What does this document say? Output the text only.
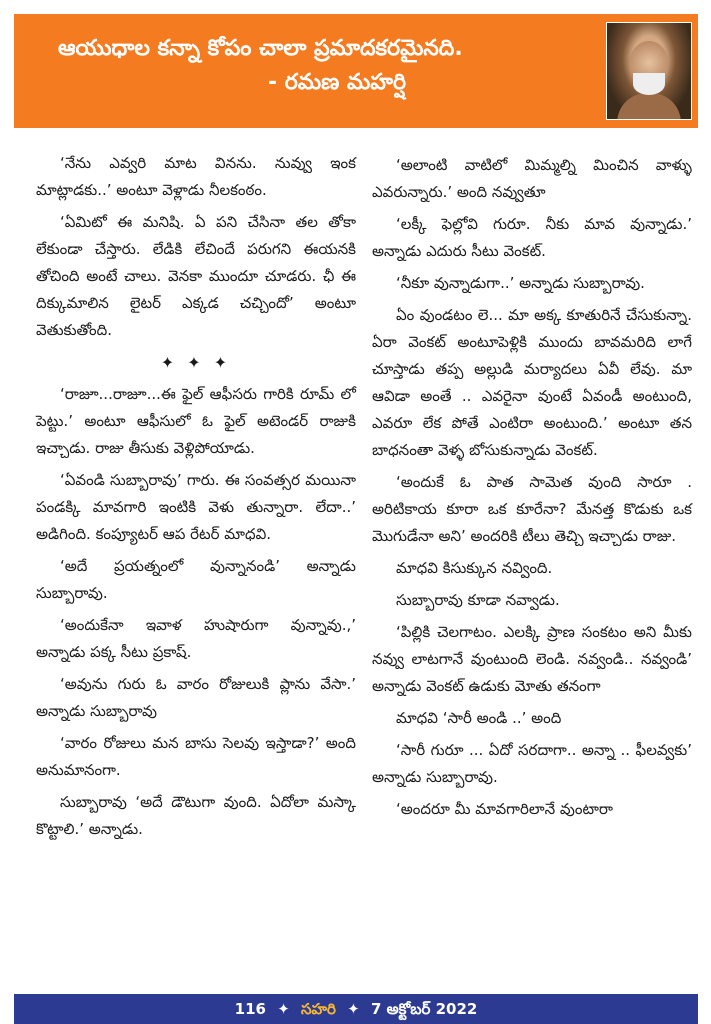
ఆయుధాల కన్నా కోపం చాలా ప్రమాదకరమైనది.
- రమణ మహర్షి

‘నేను ఎవ్వరి మాట వినను. నువ్వు ఇంక మాట్లాడకు..’ అంటూ వెళ్లాడు నీలకంఠం.

‘ఏమిటో ఈ మనిషి. ఏ పని చేసినా తల తోకా లేకుండా చేస్తారు. లేడికి లేచిందే పరుగని ఈయనకి తోచింది అంటే చాలు. వెనకా ముందూ చూడరు. ఛీ ఈ దిక్కుమాలిన లైటర్ ఎక్కడ చచ్చిందో’ అంటూ వెతుకుతోంది.

✦ ✦ ✦

‘రాజూ...రాజూ...ఈ ఫైల్ ఆఫీసరు గారికి రూమ్ లో పెట్టు.’ అంటూ ఆఫీసులో ఓ ఫైల్ అటెండర్ రాజుకి ఇచ్చాడు. రాజు తీసుకు వెళ్లిపోయాడు.

‘ఏవండి సుబ్బారావు’ గారు. ఈ సంవత్సర మయినా పండక్కి మావగారి ఇంటికి వెళు తున్నారా. లేదా..’ అడిగింది. కంప్యూటర్ ఆప రేటర్ మాధవి.

‘అదే ప్రయత్నంలో వున్నానండి’ అన్నాడు సుబ్బారావు.

‘అందుకేనా ఇవాళ హుషారుగా వున్నావు.,’ అన్నాడు పక్క సీటు ప్రకాష్.

‘అవును గురు ఓ వారం రోజులుకి ప్లాను వేసా.’ అన్నాడు సుబ్బారావు

‘వారం రోజులు మన బాసు సెలవు ఇస్తాడా?’ అంది అనుమానంగా.

సుబ్బారావు ‘అదే డౌటుగా వుంది. ఏదోలా మస్కా కొట్టాలి.’ అన్నాడు.

‘అలాంటి వాటిలో మిమ్మల్ని మించిన వాళ్ళు ఎవరున్నారు.’ అంది నవ్వుతూ

‘లక్కీ ఫెల్లోవి గురూ. నీకు మావ వున్నాడు.’ అన్నాడు ఎదురు సీటు వెంకట్.

‘నీకూ వున్నాడుగా..’ అన్నాడు సుబ్బారావు.

ఏం వుండటం లె... మా అక్క కూతురినే చేసుకున్నా. ఏరా వెంకట్ అంటూపెళ్లికి ముందు బావమరిది లాగే చూస్తాడు తప్ప అల్లుడి మర్యాదలు ఏవీ లేవు. మా ఆవిడా అంతే .. ఎవరైనా వుంటే ఏవండీ అంటుంది, ఎవరూ లేక పోతే ఎంటిరా అంటుంది.’ అంటూ తన బాధనంతా వెళ్ళ బోసుకున్నాడు వెంకట్.

‘అందుకే ఓ పాత సామెత వుంది సారూ . అరిటికాయ కూరా ఒక కూరేనా? మేనత్త కొడుకు ఒక మొగుడేనా అని’ అందరికి టీలు తెచ్చి ఇచ్చాడు రాజు.

మాధవి కిసుక్కున నవ్వింది.

సుబ్బారావు కూడా నవ్వాడు.

‘పిల్లికి చెలగాటం. ఎలక్కి ప్రాణ సంకటం అని మీకు నవ్వు లాటగానే వుంటుంది లెండి. నవ్వండి.. నవ్వండి’ అన్నాడు వెంకట్ ఉడుకు మోతు తనంగా

మాధవి ‘సారీ అండి ..’ అంది

‘సారీ గురూ ... ఏదో సరదాగా.. అన్నా .. ఫీలవ్వకు’ అన్నాడు సుబ్బారావు.

‘అందరూ మీ మావగారిలానే వుంటారా

116 ✦ సహరి ✦ 7 అక్టోబర్ 2022
